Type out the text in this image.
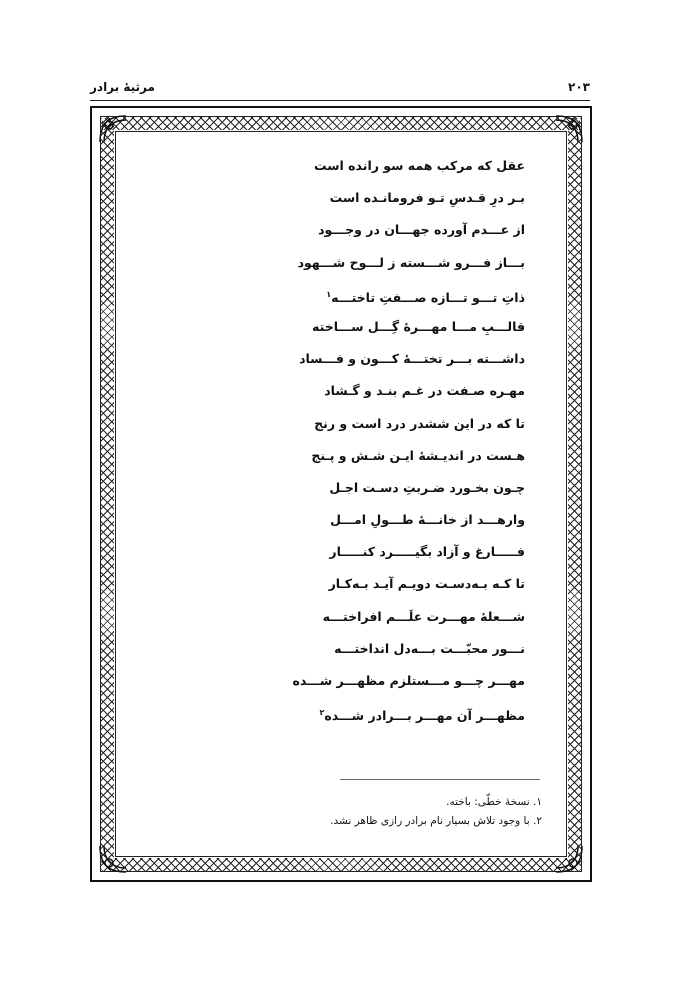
۲۰۳
مرثیهٔ برادر
عقل که مرکب همه سو رانده است
بـر درِ قـدسِ تـو فرومانـده است
از عـــدم آورده جهـــان در وجـــود
بـــاز فـــرو شـــسته ز لـــوح شـــهود
ذاتِ تـــو تـــازه صـــفتِ تاختـــه$^۱$
قالـــبِ مـــا مهـــرهٔ گِـــل ســـاخته
داشـــته بـــر تختـــهٔ کـــون و فـــساد
مهـره صـفت در غـم بنـد و گـشاد
تا که در این ششدر درد است و رنج
هـست در اندیـشهٔ ایـن شـش و پـنج
چـون بخـورد ضـربتِ دسـت اجـل
وارهـــد از خانـــهٔ طـــولِ امـــل
فـــــارغ و آزاد بگیـــــرد کنـــــار
تا کـه بـه‌دسـت دویـم آیـد بـه‌کـار
شـــعلهٔ مهـــرت علَـــم افراختـــه
نـــور محبّـــت بـــه‌دل انداختـــه
مهـــر چـــو مـــستلزم مظهـــر شـــده
مظهـــر آن مهـــر بـــرادر شـــده$^۲$
۱. نسخهٔ خطّی: باخته.
۲. با وجود تلاش بسیار نام برادر رازی ظاهر نشد.
